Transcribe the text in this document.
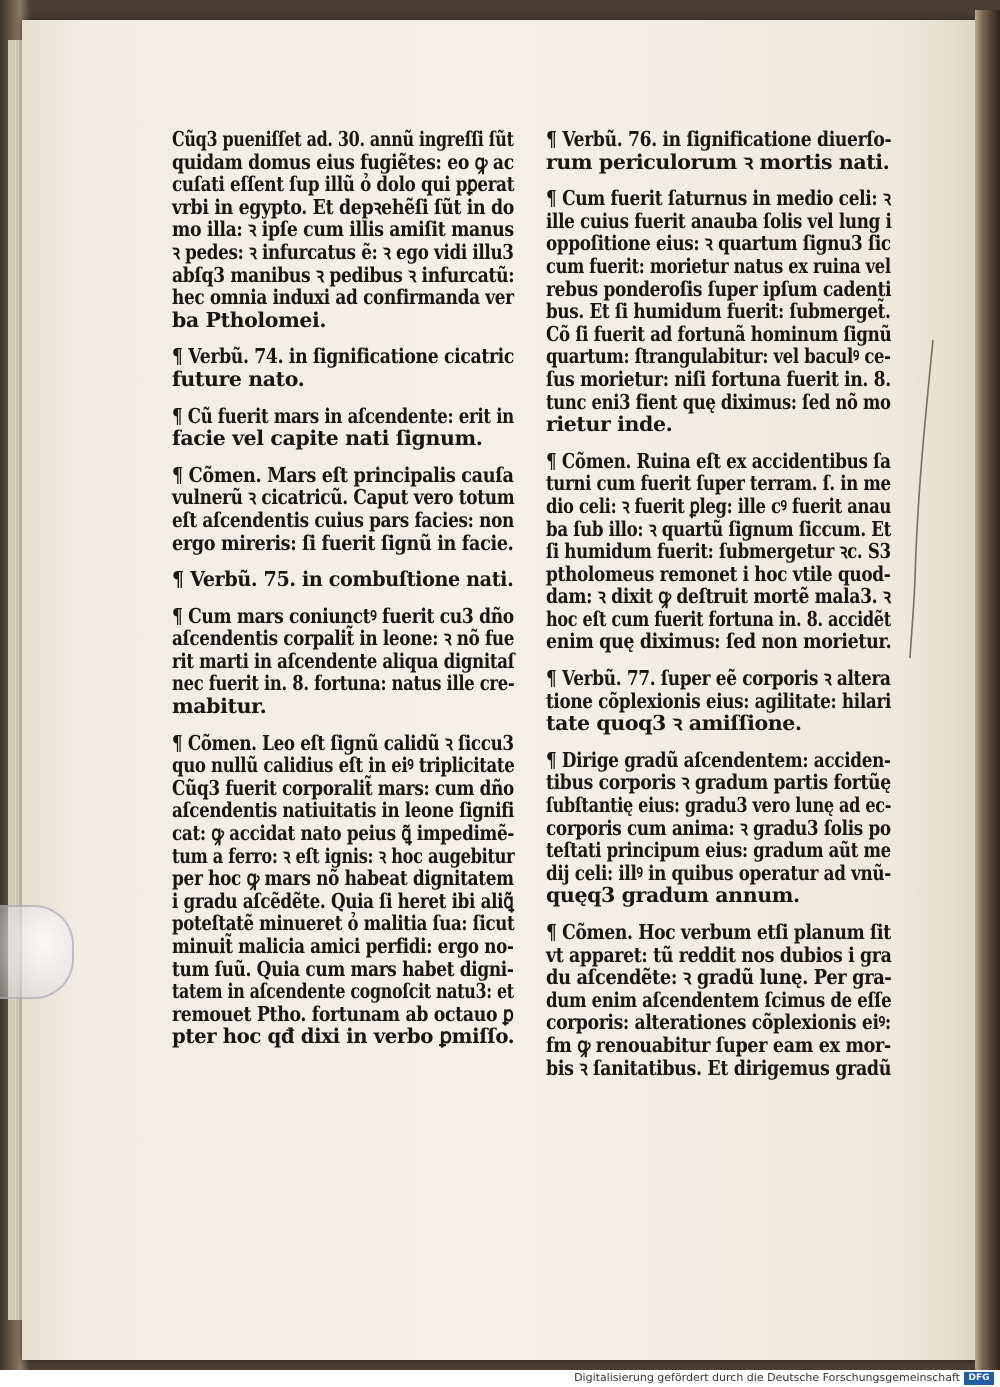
Cũq3 pueniſſet ad. 30. annũ ingreſſi ſũt
quidam domus eius fugiẽtes: eo ꝙ ac
cuſati eſſent ſup illũ ỏ dolo qui pꝑerat
vrbi in egypto. Et depꝛehẽſi ſũt in do
mo illa: ꝛ ipſe cum illis amiſit manus
ꝛ pedes: ꝛ infurcatus ẽ: ꝛ ego vidi illu3
abſq3 manibus ꝛ pedibus ꝛ infurcatũ:
hec omnia induxi ad confirmanda ver
ba Ptholomei.
¶ Verbũ. 74. in ſignificatione cicatric
future nato.
¶ Cũ fuerit mars in aſcendente: erit in
facie vel capite nati ſignum.
¶ Cõmen. Mars eſt principalis cauſa
vulnerũ ꝛ cicatricũ. Caput vero totum
eſt aſcendentis cuius pars facies: non
ergo mireris: ſi fuerit ſignũ in facie.
¶ Verbũ. 75. in combuſtione nati.
¶ Cum mars coniunctꝰ fuerit cu3 dño
aſcendentis corpalit̃ in leone: ꝛ nõ fue
rit marti in aſcendente aliqua dignitaſ
nec fuerit in. 8. fortuna: natus ille cre-
mabitur.
¶ Cõmen. Leo eſt ſignũ calidũ ꝛ ſiccu3
quo nullũ calidius eſt in eiꝰ triplicitate
Cũq3 fuerit corporalit̃ mars: cum dño
aſcendentis natiuitatis in leone ſignifi
cat: ꝙ accidat nato peius ꝗ̃ impedimẽ-
tum a ferro: ꝛ eſt ignis: ꝛ hoc augebitur
per hoc ꝙ mars nõ habeat dignitatem
i gradu aſcẽdẽte. Quia ſi heret ibi aliꝗ̃
poteſtatẽ minueret ỏ malitia ſua: ſicut
minuit̃ malicia amici perfidi: ergo no-
tum ſuũ. Quia cum mars habet digni-
tatem in aſcendente cognoſcit natu3: et
remouet Ptho. fortunam ab octauo ꝑ
pter hoc qđ dixi in verbo ꝑmiſſo.
¶ Verbũ. 76. in ſignificatione diuerſo-
rum periculorum ꝛ mortis nati.
¶ Cum fuerit ſaturnus in medio celi: ꝛ
ille cuius fuerit anauba ſolis vel lung i
oppoſitione eius: ꝛ quartum ſignu3 ſic
cum fuerit: morietur natus ex ruina vel
rebus ponderoſis ſuper ipſum cadenti
bus. Et ſi humidum fuerit: ſubmerget̃.
Cõ ſi fuerit ad fortunã hominum ſignũ
quartum: ſtrangulabitur: vel baculꝰ ce-
ſus morietur: niſi fortuna fuerit in. 8.
tunc eni3 fient quę diximus: ſed nõ mo
rietur inde.
¶ Cõmen. Ruina eſt ex accidentibus ſa
turni cum fuerit ſuper terram. ſ. in me
dio celi: ꝛ fuerit ꝑleg: ille cꝰ fuerit anau
ba ſub illo: ꝛ quartũ ſignum ſiccum. Et
ſi humidum fuerit: ſubmergetur ꝛc. S3
ptholomeus remonet i hoc vtile quod-
dam: ꝛ dixit ꝙ deſtruit mortẽ mala3. ꝛ
hoc eſt cum fuerit fortuna in. 8. accidẽt
enim quę diximus: ſed non morietur.
¶ Verbũ. 77. ſuper eẽ corporis ꝛ altera
tione cõplexionis eius: agilitate: hilari
tate quoq3 ꝛ amiſſione.
¶ Dirige gradũ aſcendentem: acciden-
tibus corporis ꝛ gradum partis fortũę
ſubſtantię eius: gradu3 vero lunę ad ec-
corporis cum anima: ꝛ gradu3 ſolis po
teſtati principum eius: gradum aũt me
dij celi: illꝰ in quibus operatur ad vnũ-
quęq3 gradum annum.
¶ Cõmen. Hoc verbum etſi planum ſit
vt apparet: tũ reddit nos dubios i gra
du aſcendẽte: ꝛ gradũ lunę. Per gra-
dum enim aſcendentem ſcimus de eſſe
corporis: alterationes cõplexionis eiꝰ:
fm ꝙ renouabitur ſuper eam ex mor-
bis ꝛ ſanitatibus. Et dirigemus gradũ
Digitalisierung gefördert durch die Deutsche Forschungsgemeinschaft DFG
